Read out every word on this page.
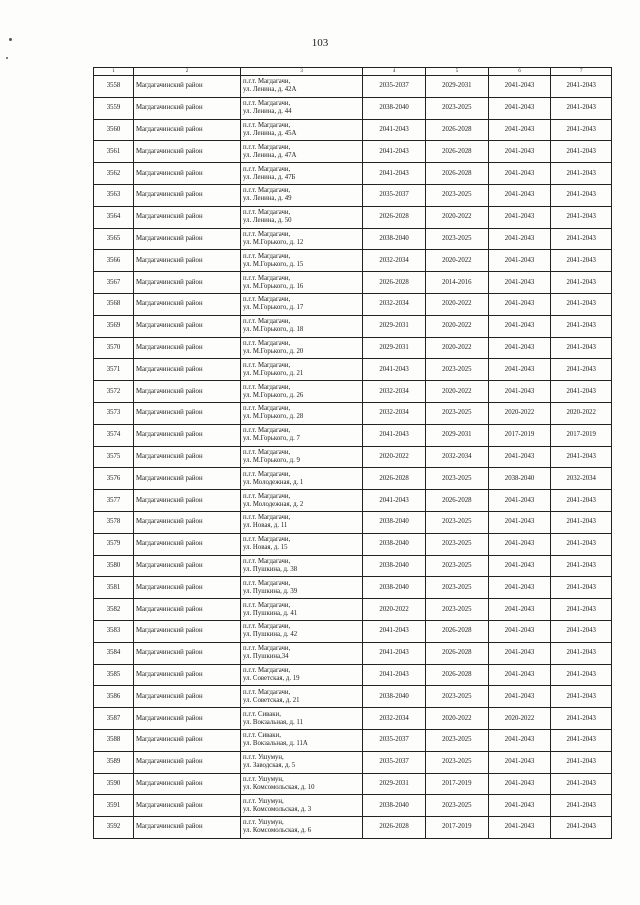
103
1	2	3	4	5	6	7
3558	Магдагачинский район	п.г.т. Магдагачи,
ул. Ленина, д. 42А	2035-2037	2029-2031	2041-2043	2041-2043
3559	Магдагачинский район	п.г.т. Магдагачи,
ул. Ленина, д. 44	2038-2040	2023-2025	2041-2043	2041-2043
3560	Магдагачинский район	п.г.т. Магдагачи,
ул. Ленина, д. 45А	2041-2043	2026-2028	2041-2043	2041-2043
3561	Магдагачинский район	п.г.т. Магдагачи,
ул. Ленина, д. 47А	2041-2043	2026-2028	2041-2043	2041-2043
3562	Магдагачинский район	п.г.т. Магдагачи,
ул. Ленина, д. 47Б	2041-2043	2026-2028	2041-2043	2041-2043
3563	Магдагачинский район	п.г.т. Магдагачи,
ул. Ленина, д. 49	2035-2037	2023-2025	2041-2043	2041-2043
3564	Магдагачинский район	п.г.т. Магдагачи,
ул. Ленина, д. 50	2026-2028	2020-2022	2041-2043	2041-2043
3565	Магдагачинский район	п.г.т. Магдагачи,
ул. М.Горького, д. 12	2038-2040	2023-2025	2041-2043	2041-2043
3566	Магдагачинский район	п.г.т. Магдагачи,
ул. М.Горького, д. 15	2032-2034	2020-2022	2041-2043	2041-2043
3567	Магдагачинский район	п.г.т. Магдагачи,
ул. М.Горького, д. 16	2026-2028	2014-2016	2041-2043	2041-2043
3568	Магдагачинский район	п.г.т. Магдагачи,
ул. М.Горького, д. 17	2032-2034	2020-2022	2041-2043	2041-2043
3569	Магдагачинский район	п.г.т. Магдагачи,
ул. М.Горького, д. 18	2029-2031	2020-2022	2041-2043	2041-2043
3570	Магдагачинский район	п.г.т. Магдагачи,
ул. М.Горького, д. 20	2029-2031	2020-2022	2041-2043	2041-2043
3571	Магдагачинский район	п.г.т. Магдагачи,
ул. М.Горького, д. 21	2041-2043	2023-2025	2041-2043	2041-2043
3572	Магдагачинский район	п.г.т. Магдагачи,
ул. М.Горького, д. 26	2032-2034	2020-2022	2041-2043	2041-2043
3573	Магдагачинский район	п.г.т. Магдагачи,
ул. М.Горького, д. 28	2032-2034	2023-2025	2020-2022	2020-2022
3574	Магдагачинский район	п.г.т. Магдагачи,
ул. М.Горького, д. 7	2041-2043	2029-2031	2017-2019	2017-2019
3575	Магдагачинский район	п.г.т. Магдагачи,
ул. М.Горького, д. 9	2020-2022	2032-2034	2041-2043	2041-2043
3576	Магдагачинский район	п.г.т. Магдагачи,
ул. Молодежная, д. 1	2026-2028	2023-2025	2038-2040	2032-2034
3577	Магдагачинский район	п.г.т. Магдагачи,
ул. Молодежная, д. 2	2041-2043	2026-2028	2041-2043	2041-2043
3578	Магдагачинский район	п.г.т. Магдагачи,
ул. Новая, д. 11	2038-2040	2023-2025	2041-2043	2041-2043
3579	Магдагачинский район	п.г.т. Магдагачи,
ул. Новая, д. 15	2038-2040	2023-2025	2041-2043	2041-2043
3580	Магдагачинский район	п.г.т. Магдагачи,
ул. Пушкина, д. 38	2038-2040	2023-2025	2041-2043	2041-2043
3581	Магдагачинский район	п.г.т. Магдагачи,
ул. Пушкина, д. 39	2038-2040	2023-2025	2041-2043	2041-2043
3582	Магдагачинский район	п.г.т. Магдагачи,
ул. Пушкина, д. 41	2020-2022	2023-2025	2041-2043	2041-2043
3583	Магдагачинский район	п.г.т. Магдагачи,
ул. Пушкина, д. 42	2041-2043	2026-2028	2041-2043	2041-2043
3584	Магдагачинский район	п.г.т. Магдагачи,
ул. Пушкина,34	2041-2043	2026-2028	2041-2043	2041-2043
3585	Магдагачинский район	п.г.т. Магдагачи,
ул. Советская, д. 19	2041-2043	2026-2028	2041-2043	2041-2043
3586	Магдагачинский район	п.г.т. Магдагачи,
ул. Советская, д. 21	2038-2040	2023-2025	2041-2043	2041-2043
3587	Магдагачинский район	п.г.т. Сиваки,
ул. Вокзальная, д. 11	2032-2034	2020-2022	2020-2022	2041-2043
3588	Магдагачинский район	п.г.т. Сиваки,
ул. Вокзальная, д. 11А	2035-2037	2023-2025	2041-2043	2041-2043
3589	Магдагачинский район	п.г.т. Ушумун,
ул. Заводская, д. 5	2035-2037	2023-2025	2041-2043	2041-2043
3590	Магдагачинский район	п.г.т. Ушумун,
ул. Комсомольская, д. 10	2029-2031	2017-2019	2041-2043	2041-2043
3591	Магдагачинский район	п.г.т. Ушумун,
ул. Комсомольская, д. 3	2038-2040	2023-2025	2041-2043	2041-2043
3592	Магдагачинский район	п.г.т. Ушумун,
ул. Комсомольская, д. 6	2026-2028	2017-2019	2041-2043	2041-2043
